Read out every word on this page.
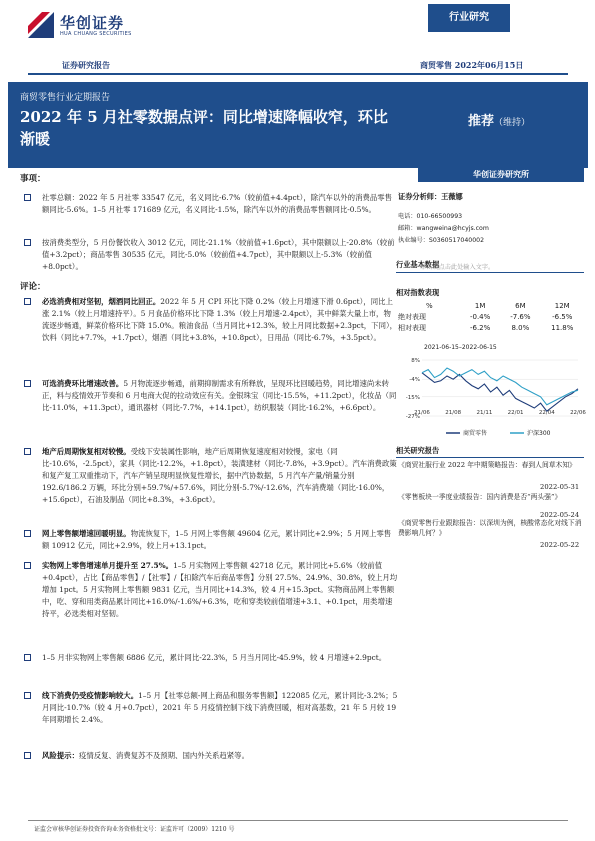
华创证券
HUA CHUANG SECURITIES
行业研究
证券研究报告	商贸零售 2022年06月15日
商贸零售行业定期报告
2022 年 5 月社零数据点评：同比增速降幅收窄，环比渐暖
推荐（维持）
事项：

社零总额：2022 年 5 月社零 33547 亿元，名义同比-6.7%（较前值+4.4pct），除汽车以外的消费品零售额同比-5.6%。1–5 月社零 171689 亿元，名义同比-1.5%，除汽车以外的消费品零售额同比-0.5%。

按消费类型分，5 月份餐饮收入 3012 亿元，同比-21.1%（较前值+1.6pct），其中限额以上-20.8%（较前值+3.2pct）；商品零售 30535 亿元，同比-5.0%（较前值+4.7pct），其中限额以上-5.3%（较前值+8.0pct）。

评论：

必选消费相对坚韧，烟酒同比回正。2022 年 5 月 CPI 环比下降 0.2%（较上月增速下滑 0.6pct），同比上涨 2.1%（较上月增速持平）。5 月食品价格环比下降 1.3%（较上月增速-2.4pct），其中鲜菜大量上市，物流逐步畅通，鲜菜价格环比下降 15.0%。粮油食品（当月同比+12.3%，较上月同比数据+2.3pct，下同），饮料（同比+7.7%，+1.7pct），烟酒（同比+3.8%，+10.8pct），日用品（同比-6.7%，+3.5pct）。

可选消费环比增速改善。5 月物流逐步畅通，前期抑制需求有所释放，呈现环比回暖趋势，同比增速尚未转正，料与疫情效开节奏和 6 月电商大促的拉动效应有关。金银珠宝（同比-15.5%，+11.2pct），化妆品（同比-11.0%，+11.3pct），通讯器材（同比-7.7%，+14.1pct），纺织服装（同比-16.2%，+6.6pct）。

地产后周期恢复相对较慢。受线下安装属性影响，地产后周期恢复速度相对较慢，家电（同比-10.6%，-2.5pct），家具（同比-12.2%，+1.8pct），装潢建材（同比-7.8%，+3.9pct）。汽车消费政策和复产复工双重推动下，汽车产销呈现明显恢复性增长，据中汽协数据，5 月汽车产量/销量分别 192.6/186.2 万辆，环比分别+59.7%/+57.6%，同比分别-5.7%/-12.6%，汽车消费端（同比-16.0%，+15.6pct），石油及制品（同比+8.3%，+3.6pct）。

网上零售额增速回暖明显。物流恢复下，1–5 月网上零售额 49604 亿元，累计同比+2.9%；5 月网上零售额 10912 亿元，同比+2.9%，较上月+13.1pct。

实物网上零售增速单月提升至 27.5%。1–5 月实物网上零售额 42718 亿元，累计同比+5.6%（较前值+0.4pct），占比【商品零售】/【社零】/【扣除汽车后商品零售】分别 27.5%、24.9%、30.8%，较上月均增加 1pct。5 月实物网上零售额 9831 亿元，当月同比+14.3%，较 4 月+15.3pct。实物商品网上零售额中，吃、穿和用类商品累计同比+16.0%/-1.6%/+6.3%，吃和穿类较前值增速+3.1、+0.1pct，用类增速持平，必选类相对坚韧。

1–5 月非实物网上零售额 6886 亿元，累计同比-22.3%，5 月当月同比-45.9%，较 4 月增速+2.9pct。

线下消费仍受疫情影响较大。1–5 月【社零总额-网上商品和服务零售额】122085 亿元，累计同比-3.2%；5 月同比-10.7%（较 4 月+0.7pct），2021 年 5 月疫情控制下线下消费回暖，相对高基数，21 年 5 月较 19 年同期增长 2.4%。

风险提示：疫情反复、消费复苏不及预期、国内外关系趋紧等。

华创证券研究所
证券分析师：王薇娜
电话：010-66500993
邮箱：wangweina@hcyjs.com
执业编号：S0360517040002
行业基本数据
单击或点击此处输入文字。
相对指数表现
%	1M	6M	12M
绝对表现	-0.4%	-7.6%	-6.5%
相对表现	-6.2%	8.0%	11.8%
2021-06-15–2022-06-15
8%
-4%
-15%
-27%
21/06	21/08	21/11	22/01	22/04	22/06
商贸零售	沪深300
相关研究报告
《商贸社服行业 2022 年中期策略报告：春到人间草木知》
2022-05-31
《零售板块一季度业绩报告：国内消费是否“两头强”》
2022-05-24
《商贸零售行业跟踪报告：以深圳为例，核酸常态化对线下消费影响几何？》
2022-05-22
证监会审核华创证券投资咨询业务资格批文号：证监许可（2009）1210 号
